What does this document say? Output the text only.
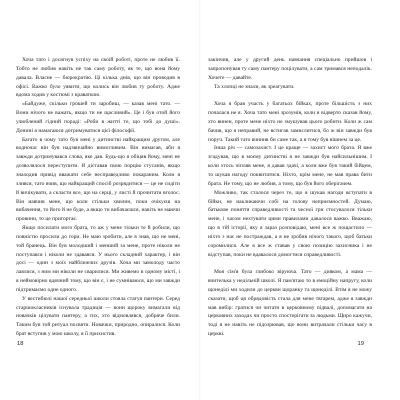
Хоча тато і досягнув успіху на своїй роботі, проте не любив її. Тобто не любив навіть не так саму роботу, як те, що вона йому давала. Власне — бюрократію. Ці кілька днів, що він проводив в офісі. Важко було уявити, що колись він любив ту роботу. Адже вдома ходив у костюмі з краваткою.

«Байдуже, скільки грошей ти заробиш, — казав мені тато. — Вони нічого не важать, якщо ти не щасливий». Це і був отой його улюблений гідний пораді: «Роби в житті те, що тобі до душі». Донині я намагаюся дотримуватися цієї філософії.

Багато в чому тато був мені у дитинстві найкращим другом, але водночас він був надзвичайно вимогливим. Він вимагав, аби я завжди дотримувався слова, яке дав. Будь-що я обіцяв йому, мені не дозволялося переступити. Я діставав свою порцію стусанів, якщо знаходив привід вважати себе несправедливо покараним. Коли я злився, тато вчив, що найкращий спосіб розрядитися — це не сидіти й вичікувати, а скласти все, що на серці, у листі й прочитати вголос. Він навчив мене, що коли стільки хвилин, поки очікуєш на вибачення, то його й не буде, а якщо ти вибачаєшся, навіть не маючи провини, то це пригортає.

Якщо посилати мого брата, то аж у мене тільки те й робили, що повністю просили до гори. Не маю зробити, але я знав, що не мені, той бранець. Він був молодший і менший за мене, проте ніколи не поступався і ніколи не здавався. У нього складний характер, і він досі — один з моїх найближчих друзів. Хоча ми замолоду часто лаялися, з ним ми ніколи не сварилися. Ми живемо в одному місті, і я неймовірно вдячний тому, що він є, і не сумніваюся, що ми завжди підтримаємо одне одного.

У вестибюлі нашої середньої школи стояла статуя пантери. Серед старшокласників існувала традиція — вони щороку вимагали від новачків цілувати пантеру, а тих, хто відмовлявся, добряче били. Таким був той ритуал посвяти. Новачки, природно, опиралися. Коли брат вступив у мою школу, я її прихистив.

18

закінчив, але у другий день навчання спеціально прийшов і запропонував ту саму пантеру поцілувати, а сам тримався неподалік. Хочете — давайте.

Та хлопці не знали, як зреагувати.

Хоча я брав участь у багатьох бійках, проте більшість з них почалася не я. Хоча тато мені зрозумів, коли я відверто сказав йому, хто винен, проте мене ніхто не змушував цього робити. Коли ж сам бачив, що я неправий, не встигав замислитися, бо ж він завжди був поруч. Такий тато вчинив би саме так, а я тому був вішнем за це.

Інша річ — самозахист. І це краще — захист мого брата. Я вже згадував, що в моєму дитинстві я не завжди був найсильнішим. І коли хтось чіпляв мене, я давав здачі, а коли вже був такий бійцем, то шукав нагоду поквитатися. Ніхто, крім мене, не мав права бити брата. Не тому, що не любив, а тому, що був його оберігачем.

Можливо, так сталося через те, що я шукав нагоди вступати в бійки, не накликаючи собі на голову неприємностей. Думаю, батькове поняття справедливості та чесної гри стосувалося тільки мене, і часом нехтувати цими правилами давалося важко. Вважаю, що в тій історії, яку я зараз розповідаю, мені все ж пощастило — ніхто з нас не постраждав, а я не зробив нічого такого, щоб батьки соромилися. Але я все ж ставав у свою позицію захисника і не відступав, поки не вдавалося домогтися справедливості.

Моя сім'я була глибоко віруюча. Тато — дияком, а мама — вчителька у недільній школі. Я пам'ятаю то в емоційну напругу, коли щонеділі ми ходили до церкви щоранку та щонеділі. Втім я не можу сказати, щоб ця обрядовість стала для мене тягарем, адже я завжди мав вибір: гратися чи читати в церковному підвалі, допомагати на церковних заходах чи просто спостерігати за людьми. Щиро кажучи, тоді я не навіть не підозрював, що вони витрачали стільки часу в церкві.

19
